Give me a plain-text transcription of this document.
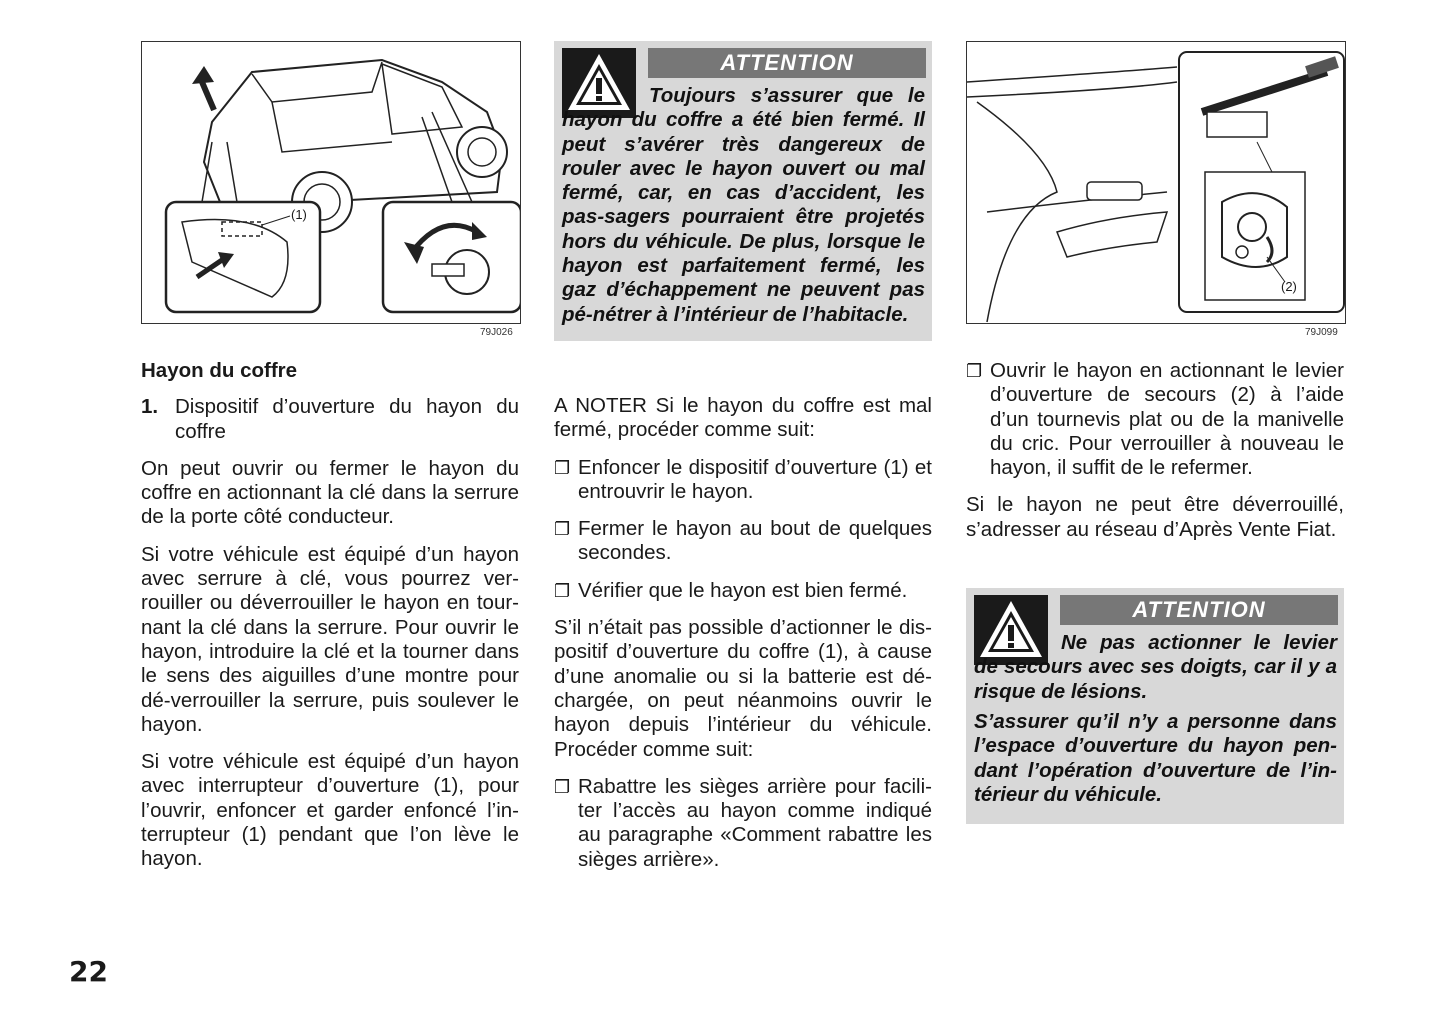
(1)
79J026
ATTENTION
Toujours s’assurer que le hayon du coffre a été bien fermé. Il peut s’avérer très dangereux de rouler avec le hayon ouvert ou mal fermé, car, en cas d’accident, les pas-sagers pourraient être projetés hors du véhicule. De plus, lorsque le hayon est parfaitement fermé, les gaz d’échappement ne peuvent pas pé-nétrer à l’intérieur de l’habitacle.
(2)
79J099
Hayon du coffre
1. Dispositif d’ouverture du hayon du coffre

On peut ouvrir ou fermer le hayon du coffre en actionnant la clé dans la serrure de la porte côté conducteur.

Si votre véhicule est équipé d’un hayon avec serrure à clé, vous pourrez ver-rouiller ou déverrouiller le hayon en tour-nant la clé dans la serrure. Pour ouvrir le hayon, introduire la clé et la tourner dans le sens des aiguilles d’une montre pour dé-verrouiller la serrure, puis soulever le hayon.

Si votre véhicule est équipé d’un hayon avec interrupteur d’ouverture (1), pour l’ouvrir, enfoncer et garder enfoncé l’in-terrupteur (1) pendant que l’on lève le hayon.

A NOTER Si le hayon du coffre est mal fermé, procéder comme suit:

❐ Enfoncer le dispositif d’ouverture (1) et entrouvrir le hayon.
❐ Fermer le hayon au bout de quelques secondes.
❐ Vérifier que le hayon est bien fermé.

S’il n’était pas possible d’actionner le dis-positif d’ouverture du coffre (1), à cause d’une anomalie ou si la batterie est dé-chargée, on peut néanmoins ouvrir le hayon depuis l’intérieur du véhicule. Procéder comme suit:

❐ Rabattre les sièges arrière pour facili-ter l’accès au hayon comme indiqué au paragraphe «Comment rabattre les sièges arrière».
❐ Ouvrir le hayon en actionnant le levier d’ouverture de secours (2) à l’aide d’un tournevis plat ou de la manivelle du cric. Pour verrouiller à nouveau le hayon, il suffit de le refermer.

Si le hayon ne peut être déverrouillé, s’adresser au réseau d’Après Vente Fiat.

ATTENTION
Ne pas actionner le levier de secours avec ses doigts, car il y a risque de lésions.
S’assurer qu’il n’y a personne dans l’espace d’ouverture du hayon pen-dant l’opération d’ouverture de l’in-térieur du véhicule.
22
